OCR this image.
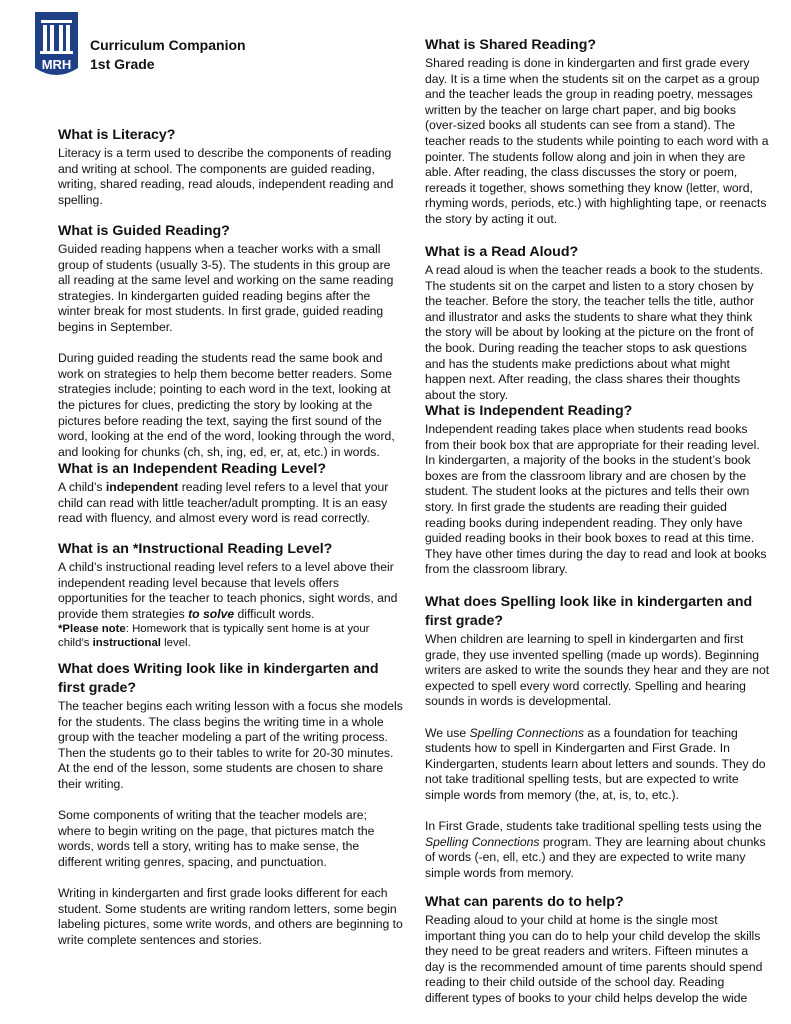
MRH
Curriculum Companion
1st Grade
What is Literacy?

Literacy is a term used to describe the components of reading and writing at school. The components are guided reading, writing, shared reading, read alouds, independent reading and spelling.

What is Guided Reading?

Guided reading happens when a teacher works with a small group of students (usually 3-5). The students in this group are all reading at the same level and working on the same reading strategies. In kindergarten guided reading begins after the winter break for most students. In first grade, guided reading begins in September.

During guided reading the students read the same book and work on strategies to help them become better readers. Some strategies include; pointing to each word in the text, looking at the pictures for clues, predicting the story by looking at the pictures before reading the text, saying the first sound of the word, looking at the end of the word, looking through the word, and looking for chunks (ch, sh, ing, ed, er, at, etc.) in words.

What is an Independent Reading Level?

A child’s independent reading level refers to a level that your child can read with little teacher/adult prompting. It is an easy read with fluency, and almost every word is read correctly.

What is an *Instructional Reading Level?

A child’s instructional reading level refers to a level above their independent reading level because that levels offers opportunities for the teacher to teach phonics, sight words, and provide them strategies to solve difficult words.

*Please note: Homework that is typically sent home is at your child’s instructional level.

What does Writing look like in kindergarten and first grade?

The teacher begins each writing lesson with a focus she models for the students. The class begins the writing time in a whole group with the teacher modeling a part of the writing process. Then the students go to their tables to write for 20-30 minutes. At the end of the lesson, some students are chosen to share their writing.

Some components of writing that the teacher models are; where to begin writing on the page, that pictures match the words, words tell a story, writing has to make sense, the different writing genres, spacing, and punctuation.

Writing in kindergarten and first grade looks different for each student. Some students are writing random letters, some begin labeling pictures, some write words, and others are beginning to write complete sentences and stories.

What is Shared Reading?

Shared reading is done in kindergarten and first grade every day. It is a time when the students sit on the carpet as a group and the teacher leads the group in reading poetry, messages written by the teacher on large chart paper, and big books (over-sized books all students can see from a stand). The teacher reads to the students while pointing to each word with a pointer. The students follow along and join in when they are able. After reading, the class discusses the story or poem, rereads it together, shows something they know (letter, word, rhyming words, periods, etc.) with highlighting tape, or reenacts the story by acting it out.

What is a Read Aloud?

A read aloud is when the teacher reads a book to the students. The students sit on the carpet and listen to a story chosen by the teacher. Before the story, the teacher tells the title, author and illustrator and asks the students to share what they think the story will be about by looking at the picture on the front of the book. During reading the teacher stops to ask questions and has the students make predictions about what might happen next. After reading, the class shares their thoughts about the story.

What is Independent Reading?

Independent reading takes place when students read books from their book box that are appropriate for their reading level. In kindergarten, a majority of the books in the student’s book boxes are from the classroom library and are chosen by the student. The student looks at the pictures and tells their own story. In first grade the students are reading their guided reading books during independent reading. They only have guided reading books in their book boxes to read at this time. They have other times during the day to read and look at books from the classroom library.

What does Spelling look like in kindergarten and first grade?

When children are learning to spell in kindergarten and first grade, they use invented spelling (made up words). Beginning writers are asked to write the sounds they hear and they are not expected to spell every word correctly. Spelling and hearing sounds in words is developmental.

We use Spelling Connections as a foundation for teaching students how to spell in Kindergarten and First Grade. In Kindergarten, students learn about letters and sounds. They do not take traditional spelling tests, but are expected to write simple words from memory (the, at, is, to, etc.).

In First Grade, students take traditional spelling tests using the Spelling Connections program. They are learning about chunks of words (-en, ell, etc.) and they are expected to write many simple words from memory.

What can parents do to help?

Reading aloud to your child at home is the single most important thing you can do to help your child develop the skills they need to be great readers and writers. Fifteen minutes a day is the recommended amount of time parents should spend reading to their child outside of the school day. Reading different types of books to your child helps develop the wide
